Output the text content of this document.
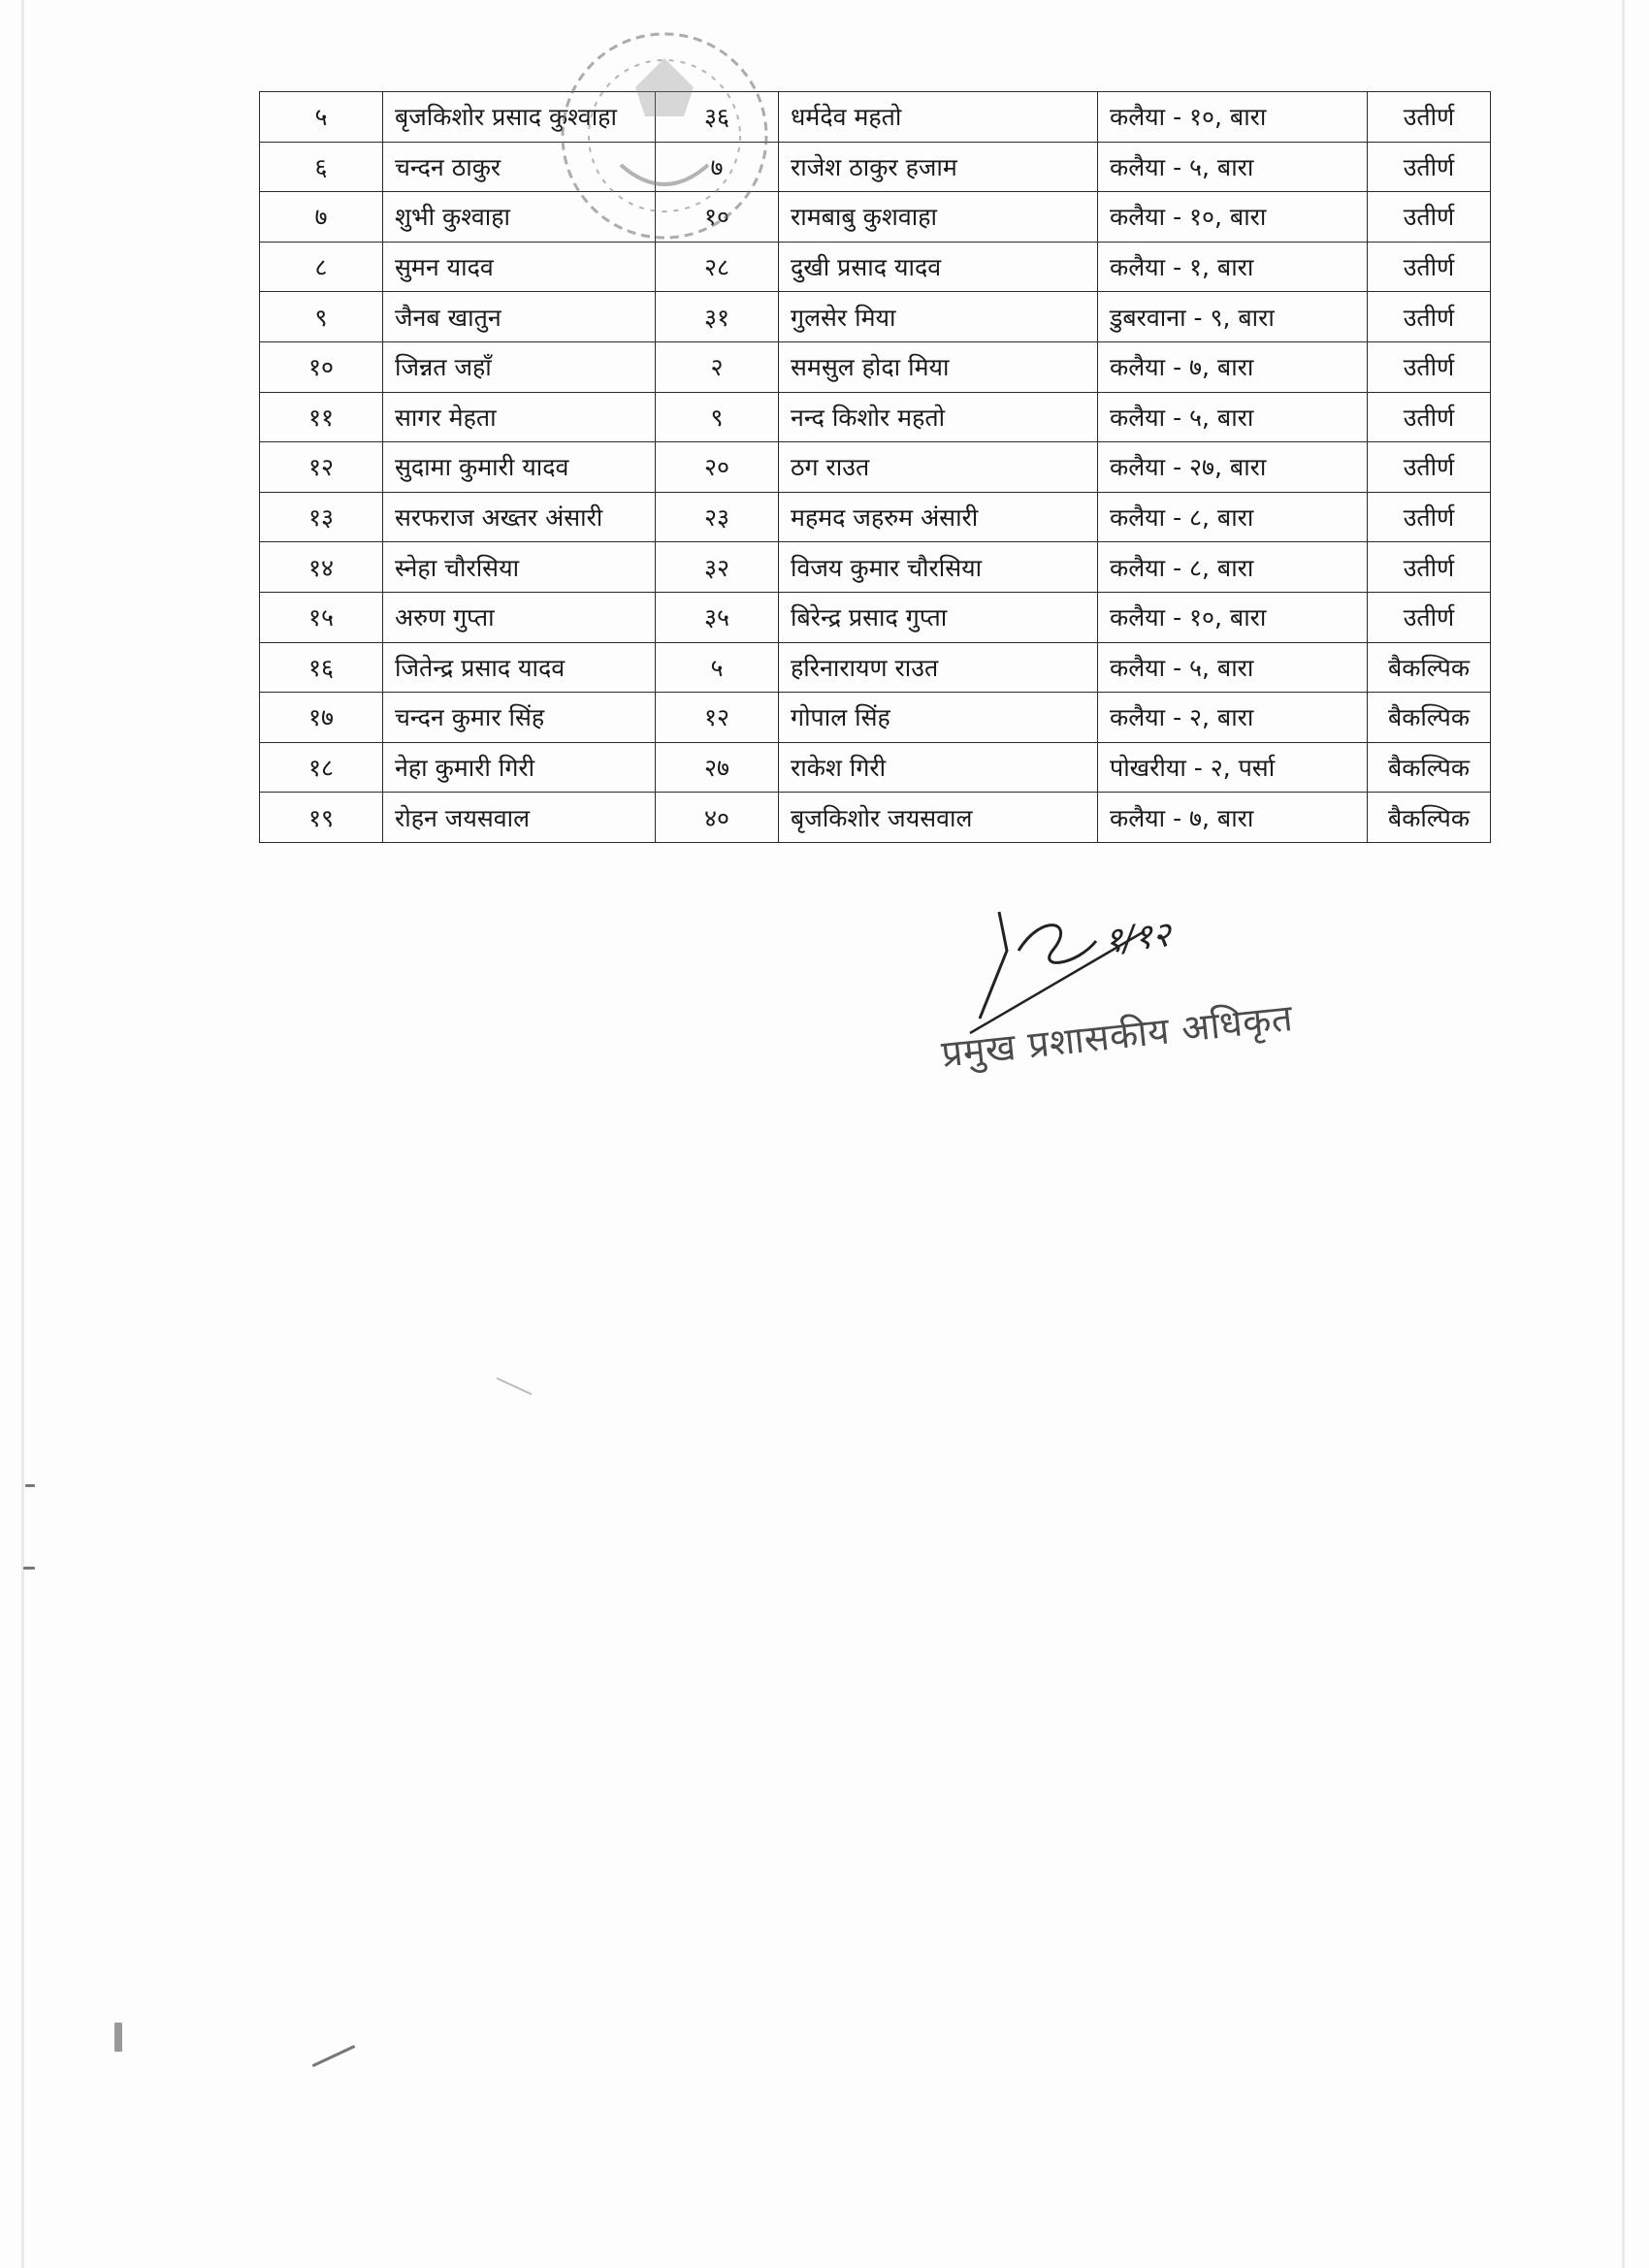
५	बृजकिशोर प्रसाद कुश्वाहा	३६	धर्मदेव महतो	कलैया - १०, बारा	उतीर्ण
६	चन्दन ठाकुर	७	राजेश ठाकुर हजाम	कलैया - ५, बारा	उतीर्ण
७	शुभी कुश्वाहा	१०	रामबाबु कुशवाहा	कलैया - १०, बारा	उतीर्ण
८	सुमन यादव	२८	दुखी प्रसाद यादव	कलैया - १, बारा	उतीर्ण
९	जैनब खातुन	३१	गुलसेर मिया	डुबरवाना - ९, बारा	उतीर्ण
१०	जिन्नत जहाँ	२	समसुल होदा मिया	कलैया - ७, बारा	उतीर्ण
११	सागर मेहता	९	नन्द किशोर महतो	कलैया - ५, बारा	उतीर्ण
१२	सुदामा कुमारी यादव	२०	ठग राउत	कलैया - २७, बारा	उतीर्ण
१३	सरफराज अख्तर अंसारी	२३	महमद जहरुम अंसारी	कलैया - ८, बारा	उतीर्ण
१४	स्नेहा चौरसिया	३२	विजय कुमार चौरसिया	कलैया - ८, बारा	उतीर्ण
१५	अरुण गुप्ता	३५	बिरेन्द्र प्रसाद गुप्ता	कलैया - १०, बारा	उतीर्ण
१६	जितेन्द्र प्रसाद यादव	५	हरिनारायण राउत	कलैया - ५, बारा	बैकल्पिक
१७	चन्दन कुमार सिंह	१२	गोपाल सिंह	कलैया - २, बारा	बैकल्पिक
१८	नेहा कुमारी गिरी	२७	राकेश गिरी	पोखरीया - २, पर्सा	बैकल्पिक
१९	रोहन जयसवाल	४०	बृजकिशोर जयसवाल	कलैया - ७, बारा	बैकल्पिक
१/१२
प्रमुख प्रशासकीय अधिकृत
